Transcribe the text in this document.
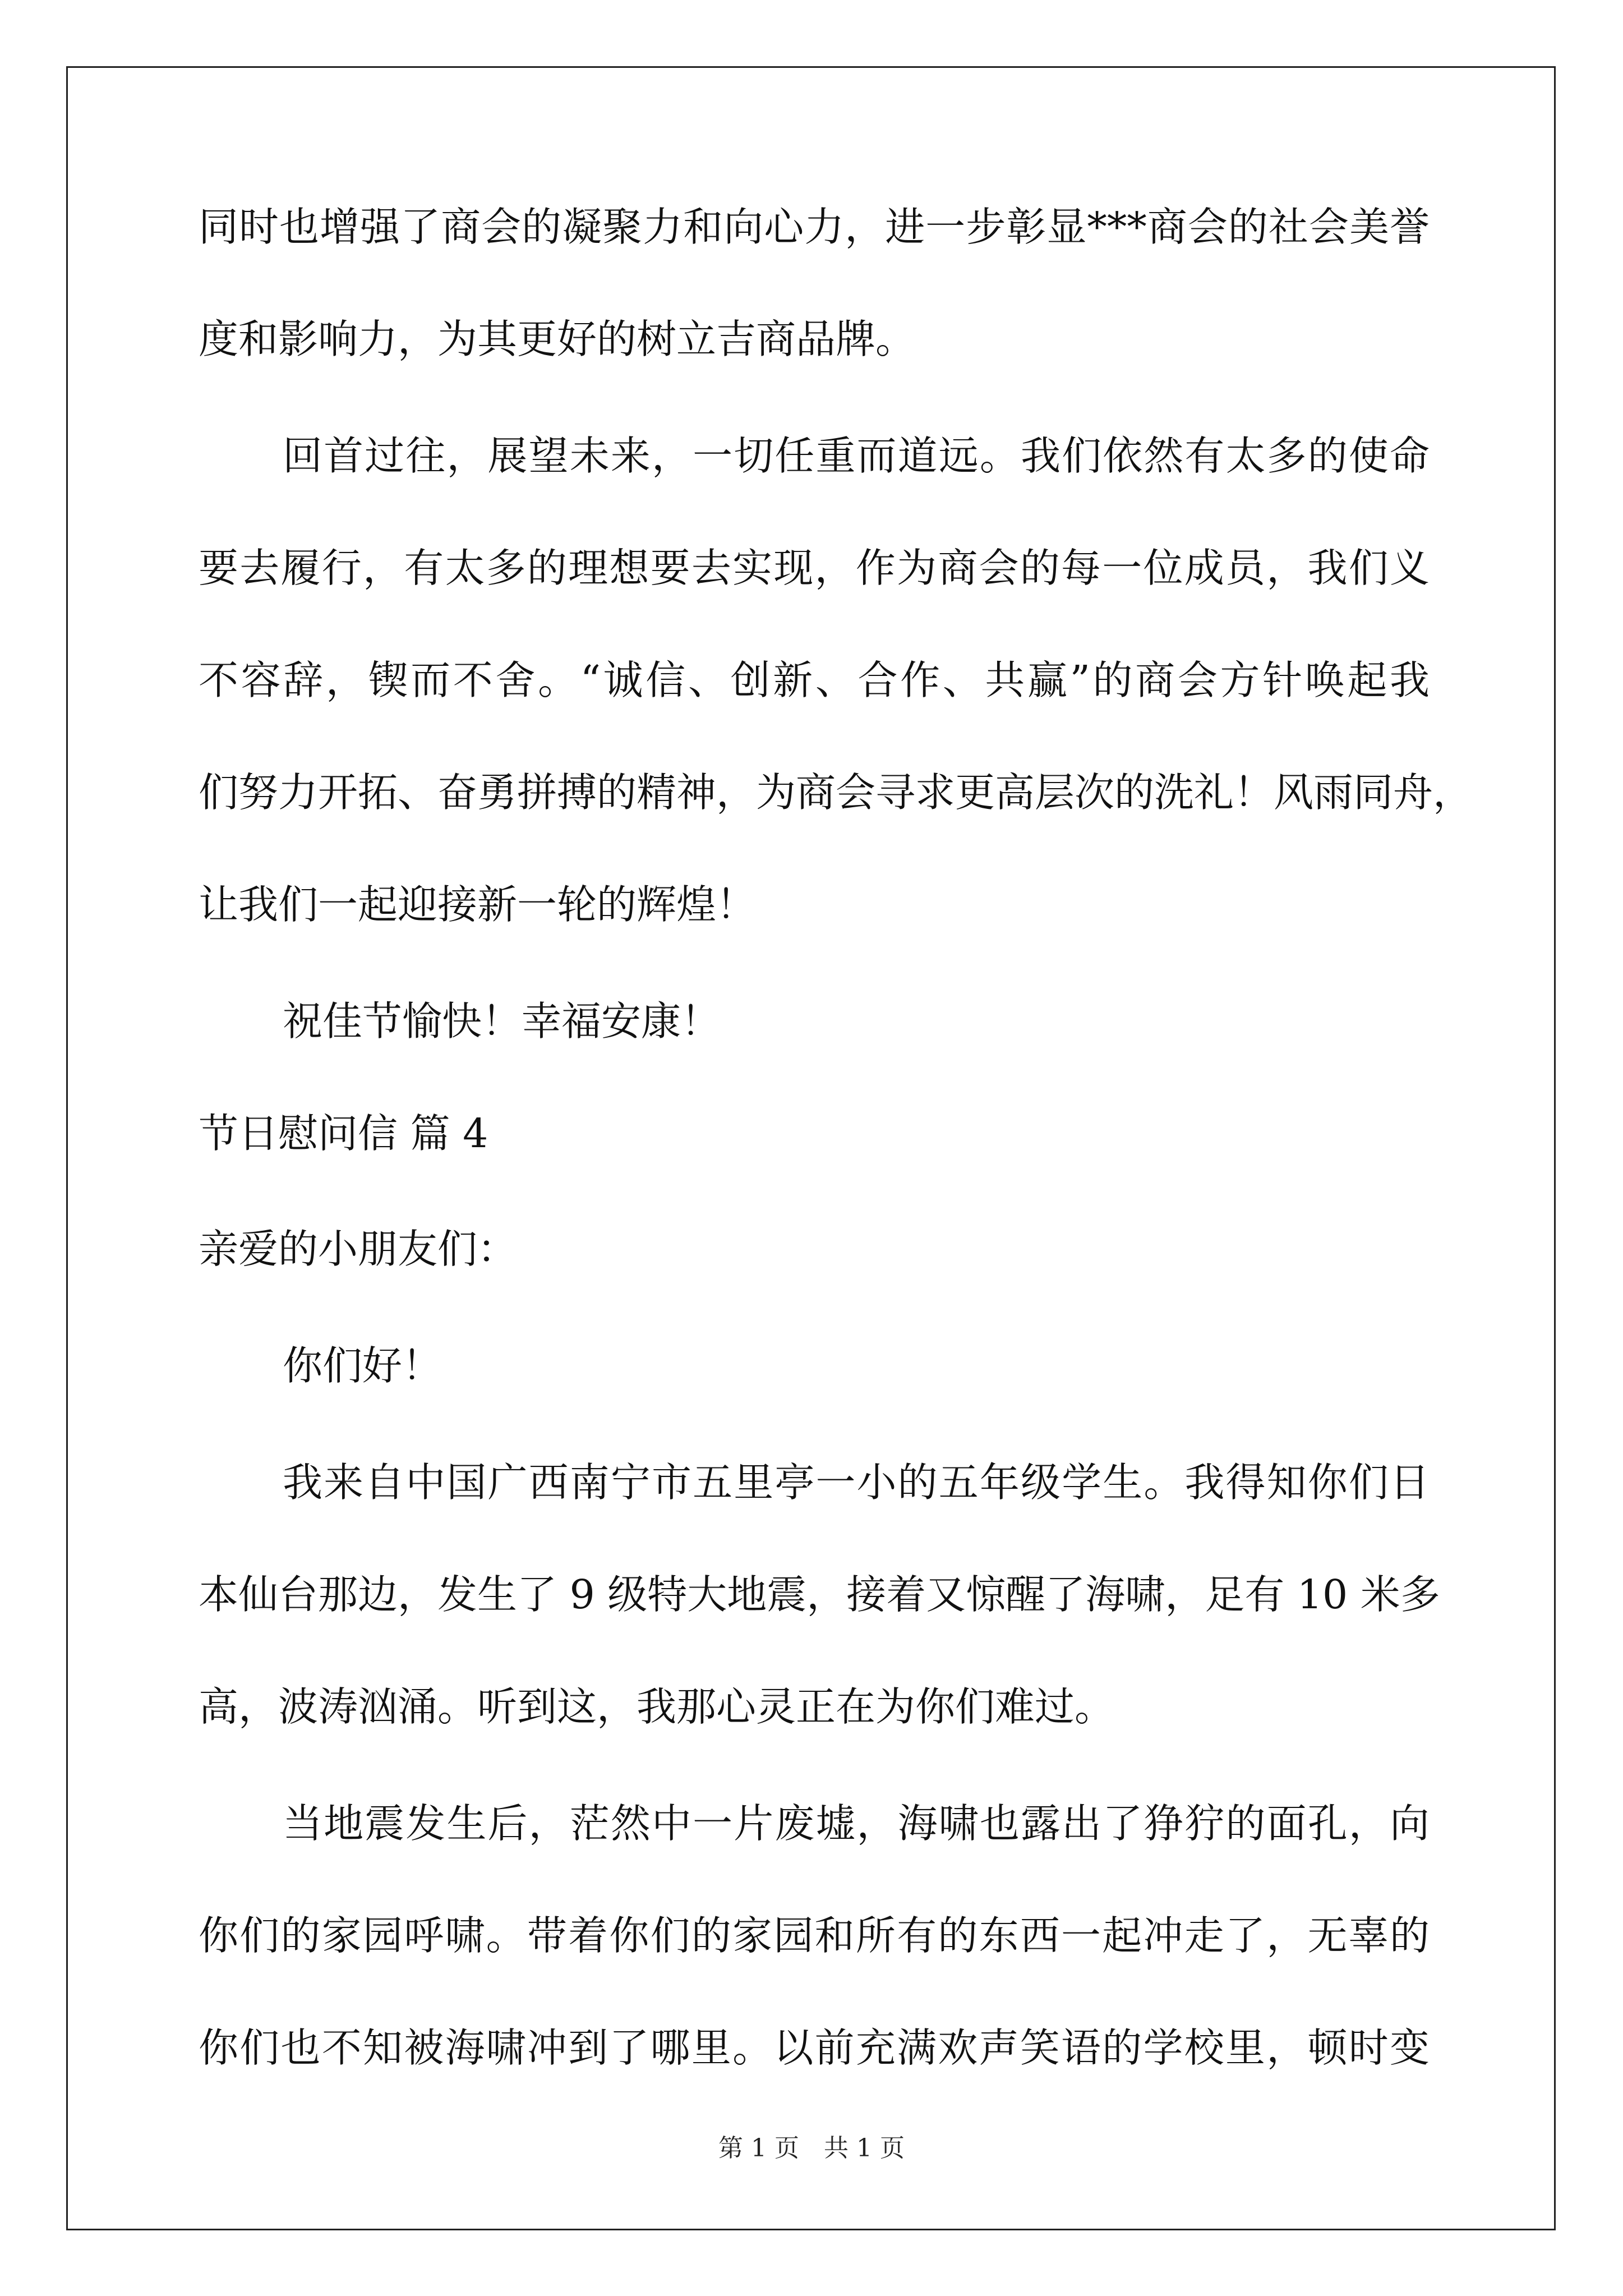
同时也增强了商会的凝聚力和向心力，进一步彰显***商会的社会美誉
度和影响力，为其更好的树立吉商品牌。
回首过往，展望未来，一切任重而道远。我们依然有太多的使命
要去履行，有太多的理想要去实现，作为商会的每一位成员，我们义
不容辞，锲而不舍。“诚信、创新、合作、共赢”的商会方针唤起我
们努力开拓、奋勇拼搏的精神，为商会寻求更高层次的洗礼！风雨同舟，
让我们一起迎接新一轮的辉煌！
祝佳节愉快！幸福安康！
节日慰问信 篇 4
亲爱的小朋友们：
你们好！
我来自中国广西南宁市五里亭一小的五年级学生。我得知你们日
本仙台那边，发生了 9 级特大地震，接着又惊醒了海啸，足有 10 米多
高，波涛汹涌。听到这，我那心灵正在为你们难过。
当地震发生后，茫然中一片废墟，海啸也露出了狰狞的面孔，向
你们的家园呼啸。带着你们的家园和所有的东西一起冲走了，无辜的
你们也不知被海啸冲到了哪里。以前充满欢声笑语的学校里，顿时变
第 1 页　共 1 页
